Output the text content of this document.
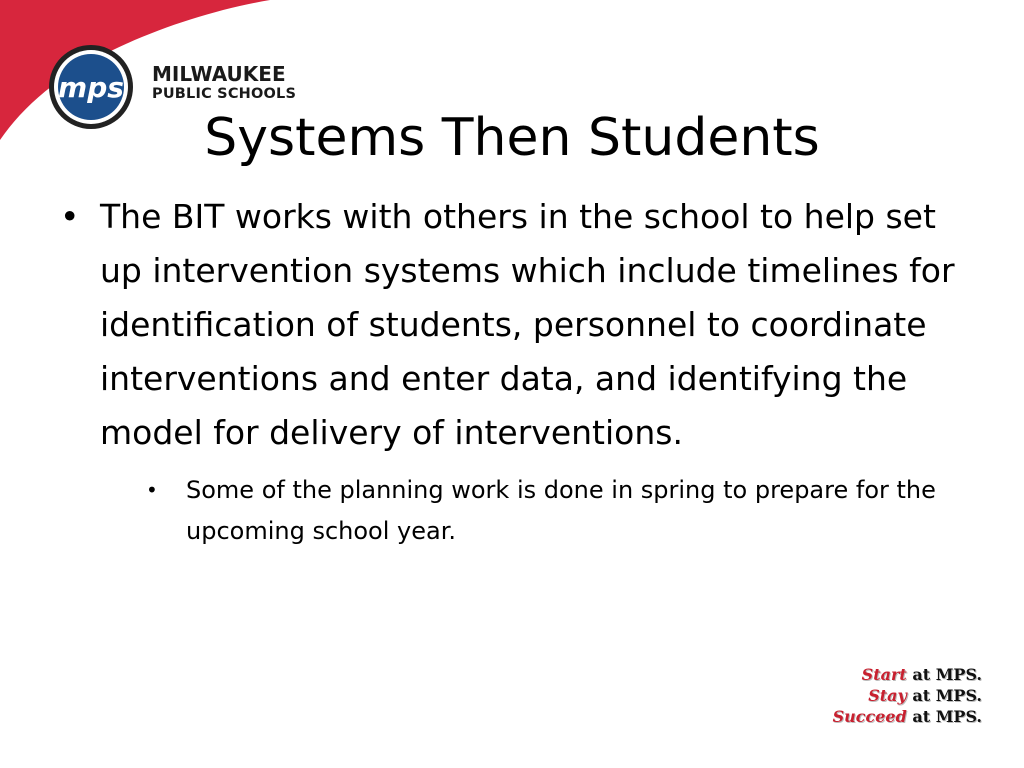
mps MILWAUKEE
PUBLIC SCHOOLS
Systems Then Students
• The BIT works with others in the school to help set up intervention systems which include timelines for identification of students, personnel to coordinate interventions and enter data, and identifying the model for delivery of interventions.
• Some of the planning work is done in spring to prepare for the upcoming school year.
Start at MPS.
Stay at MPS.
Succeed at MPS.
